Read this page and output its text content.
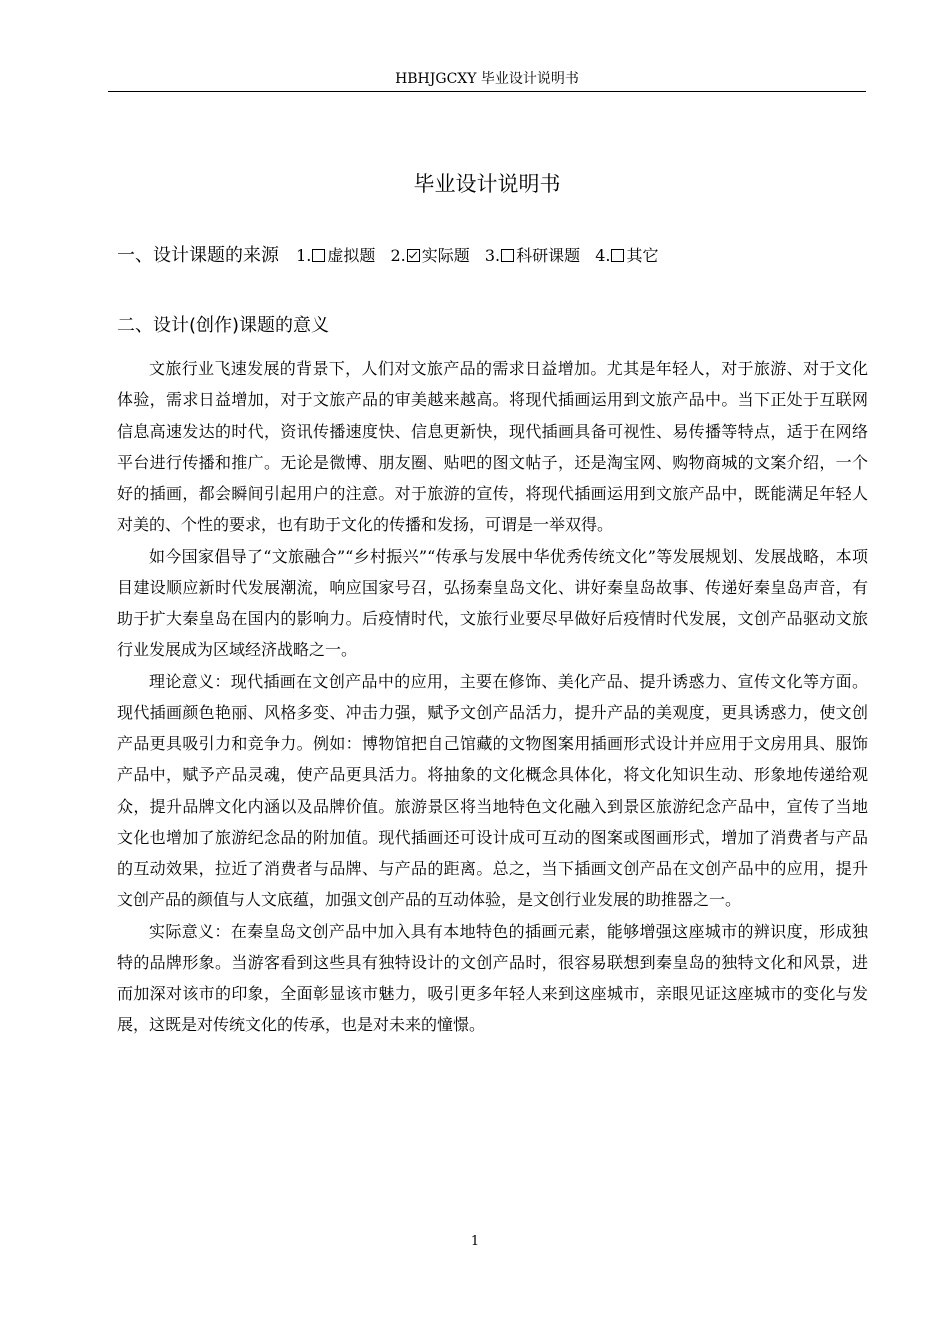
HBHJGCXY 毕业设计说明书
毕业设计说明书
一、设计课题的来源 1. 虚拟题 2. 实际题 3. 科研课题 4. 其它
二、设计(创作)课题的意义

文旅行业飞速发展的背景下，人们对文旅产品的需求日益增加。尤其是年轻人，对于旅游、对于文化体验，需求日益增加，对于文旅产品的审美越来越高。将现代插画运用到文旅产品中。当下正处于互联网信息高速发达的时代，资讯传播速度快、信息更新快，现代插画具备可视性、易传播等特点，适于在网络平台进行传播和推广。无论是微博、朋友圈、贴吧的图文帖子，还是淘宝网、购物商城的文案介绍，一个好的插画，都会瞬间引起用户的注意。对于旅游的宣传，将现代插画运用到文旅产品中，既能满足年轻人对美的、个性的要求，也有助于文化的传播和发扬，可谓是一举双得。

如今国家倡导了“文旅融合”“乡村振兴”“传承与发展中华优秀传统文化”等发展规划、发展战略，本项目建设顺应新时代发展潮流，响应国家号召，弘扬秦皇岛文化、讲好秦皇岛故事、传递好秦皇岛声音，有助于扩大秦皇岛在国内的影响力。后疫情时代，文旅行业要尽早做好后疫情时代发展，文创产品驱动文旅行业发展成为区域经济战略之一。

理论意义：现代插画在文创产品中的应用，主要在修饰、美化产品、提升诱惑力、宣传文化等方面。现代插画颜色艳丽、风格多变、冲击力强，赋予文创产品活力，提升产品的美观度，更具诱惑力，使文创产品更具吸引力和竞争力。例如：博物馆把自己馆藏的文物图案用插画形式设计并应用于文房用具、服饰产品中，赋予产品灵魂，使产品更具活力。将抽象的文化概念具体化，将文化知识生动、形象地传递给观众，提升品牌文化内涵以及品牌价值。旅游景区将当地特色文化融入到景区旅游纪念产品中，宣传了当地文化也增加了旅游纪念品的附加值。现代插画还可设计成可互动的图案或图画形式，增加了消费者与产品的互动效果，拉近了消费者与品牌、与产品的距离。总之，当下插画文创产品在文创产品中的应用，提升文创产品的颜值与人文底蕴，加强文创产品的互动体验，是文创行业发展的助推器之一。

实际意义：在秦皇岛文创产品中加入具有本地特色的插画元素，能够增强这座城市的辨识度，形成独特的品牌形象。当游客看到这些具有独特设计的文创产品时，很容易联想到秦皇岛的独特文化和风景，进而加深对该市的印象，全面彰显该市魅力，吸引更多年轻人来到这座城市，亲眼见证这座城市的变化与发展，这既是对传统文化的传承，也是对未来的憧憬。

1
